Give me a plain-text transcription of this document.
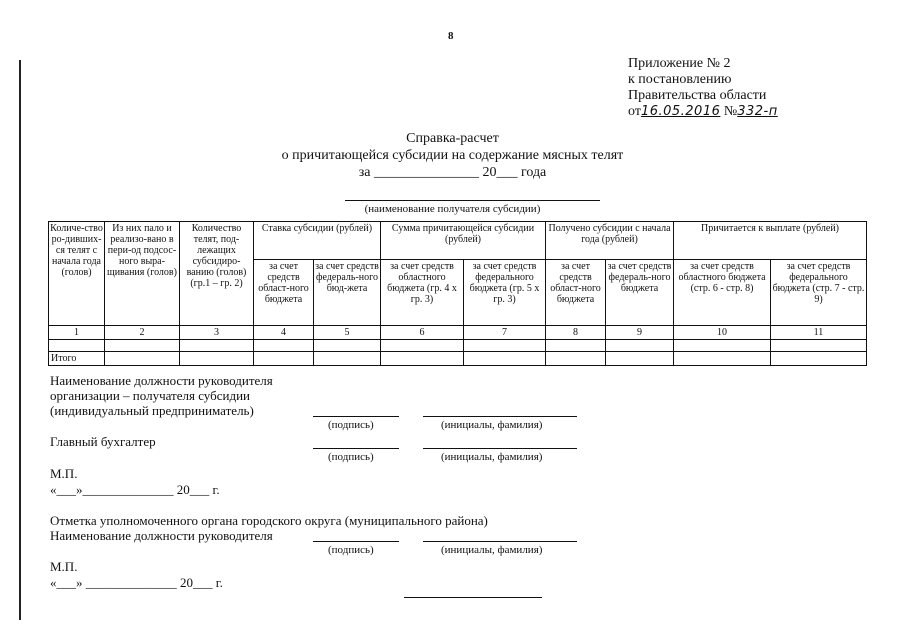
8
Приложение № 2
к постановлению
Правительства области
от16.05.2016 №332-п
Справка-расчет
о причитающейся субсидии на содержание мясных телят
за _______________ 20___ года
(наименование получателя субсидии)
Количе-ство ро-дивших-ся телят с начала года (голов)	Из них пало и реализо-вано в пери-од подсос-ного выра-щивания (голов)	Количество телят, под-лежащих субсидиро-ванию (голов) (гр.1 – гр. 2)	Ставка субсидии (рублей)		Сумма причитающейся субсидии (рублей)		Получено субсидии с начала года (рублей)		Причитается к выплате (рублей)	
			за счет средств област-ного бюджета	за счет средств федераль-ного бюд-жета	за счет средств областного бюджета (гр. 4 х гр. 3)	за счет средств федерального бюджета (гр. 5 х гр. 3)	за счет средств област-ного бюджета	за счет средств федераль-ного бюджета	за счет средств областного бюджета (стр. 6 - стр. 8)	за счет средств федерального бюджета (стр. 7 - стр. 9)
1	2	3	4	5	6	7	8	9	10	11

Итого										
Наименование должности руководителя
организации – получателя субсидии
(индивидуальный предприниматель)
(подпись)	(инициалы, фамилия)
Главный бухгалтер
(подпись)	(инициалы, фамилия)
М.П.
«___»______________ 20___ г.
Отметка уполномоченного органа городского округа (муниципального района)
Наименование должности руководителя
(подпись)	(инициалы, фамилия)
М.П.
«___» ______________ 20___ г.
